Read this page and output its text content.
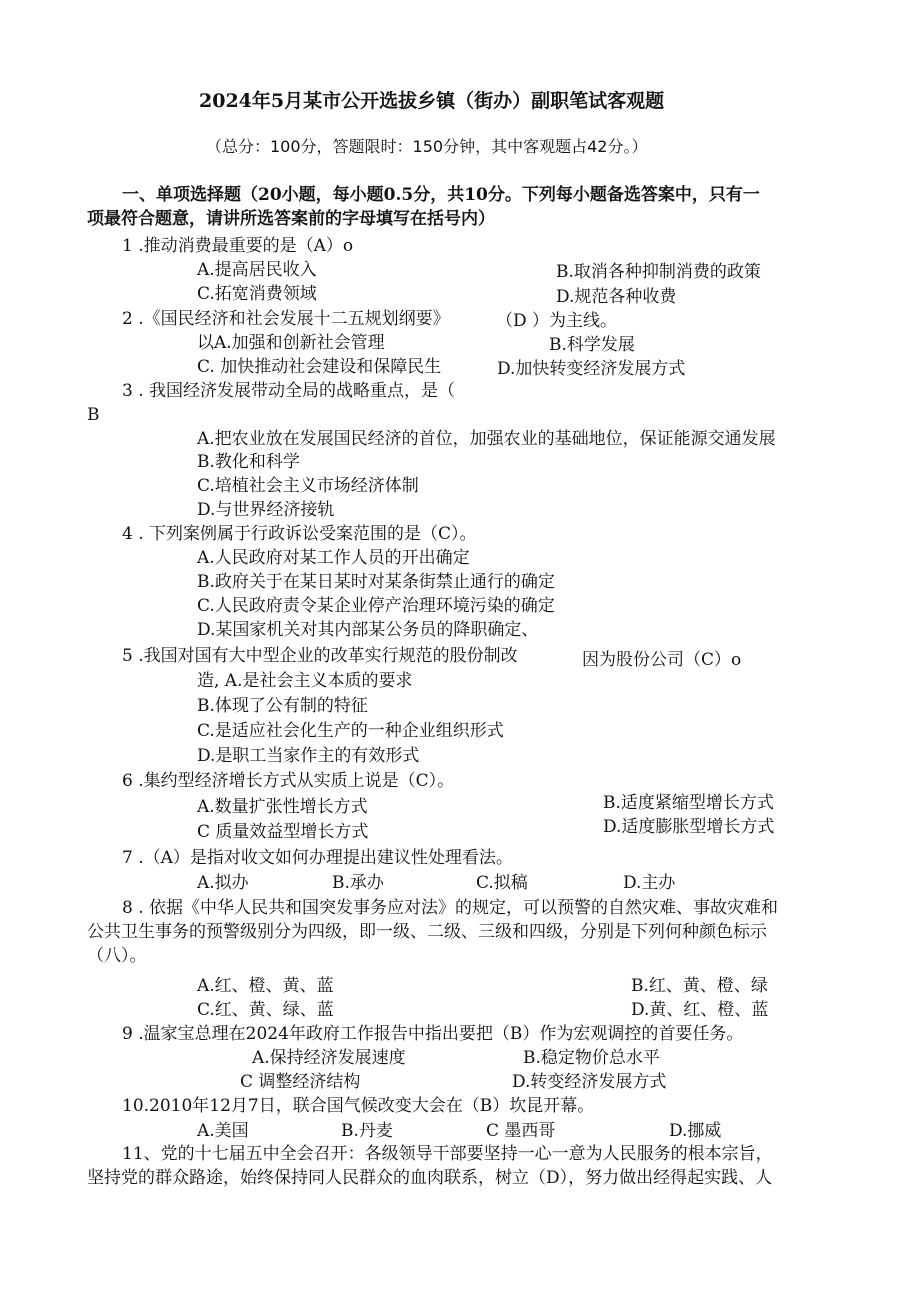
2024年5月某市公开选拔乡镇（街办）副职笔试客观题
（总分：100分，答题限时：150分钟，其中客观题占42分。）
一、单项选择题（20小题，每小题0.5分，共10分。下列每小题备选答案中，只有一
项最符合题意，请讲所选答案前的字母填写在括号内）
1 .推动消费最重要的是（A）o
A.提高居民收入	B.取消各种抑制消费的政策
C.拓宽消费领域	D.规范各种收费
2 .《国民经济和社会发展十二五规划纲要》	（D ）为主线。
以A.加强和创新社会管理	B.科学发展
C. 加快推动社会建设和保障民生	D.加快转变经济发展方式
3 . 我国经济发展带动全局的战略重点，是（
B
A.把农业放在发展国民经济的首位，加强农业的基础地位，保证能源交通发展
B.教化和科学
C.培植社会主义市场经济体制
D.与世界经济接轨
4 . 下列案例属于行政诉讼受案范围的是（C）。
A.人民政府对某工作人员的开出确定
B.政府关于在某日某时对某条街禁止通行的确定
C.人民政府责令某企业停产治理环境污染的确定
D.某国家机关对其内部某公务员的降职确定、
5 .我国对国有大中型企业的改革实行规范的股份制改	因为股份公司（C）o
造, A.是社会主义本质的要求
B.体现了公有制的特征
C.是适应社会化生产的一种企业组织形式
D.是职工当家作主的有效形式
6 .集约型经济增长方式从实质上说是（C）。
A.数量扩张性增长方式	B.适度紧缩型增长方式
C 质量效益型增长方式	D.适度膨胀型增长方式
7 .（A）是指对收文如何办理提出建议性处理看法。
A.拟办	B.承办	C.拟稿	D.主办
8 . 依据《中华人民共和国突发事务应对法》的规定，可以预警的自然灾难、事故灾难和
公共卫生事务的预警级别分为四级，即一级、二级、三级和四级，分别是下列何种颜色标示
（八）。
A.红、橙、黄、蓝	B.红、黄、橙、绿
C.红、黄、绿、蓝	D.黄、红、橙、蓝
9 .温家宝总理在2024年政府工作报告中指出要把（B）作为宏观调控的首要任务。
A.保持经济发展速度	B.稳定物价总水平
C 调整经济结构	D.转变经济发展方式
10.2010年12月7日，联合国气候改变大会在（B）坎昆开幕。
A.美国	B.丹麦	C 墨西哥	D.挪威
11、党的十七届五中全会召开：各级领导干部要坚持一心一意为人民服务的根本宗旨，
坚持党的群众路途，始终保持同人民群众的血肉联系，树立（D），努力做出经得起实践、人
